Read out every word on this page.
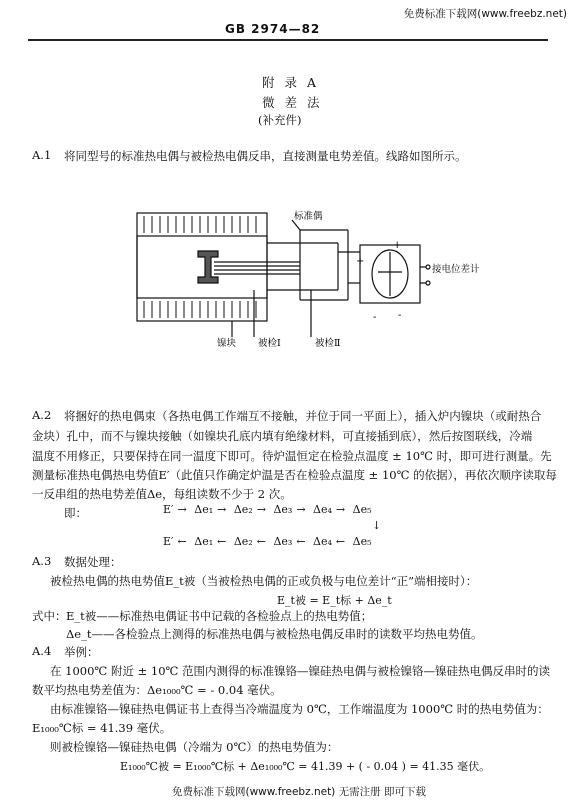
免费标准下载网(www.freebz.net)
GB 2974—82
附 录 A
微 差 法
(补充件)
A.1 将同型号的标准热电偶与被检热电偶反串，直接测量电势差值。线路如图所示。
标准偶
镍块 被检Ⅰ	被检Ⅱ
接电位差计
+
- -
+
A.2 将捆好的热电偶束（各热电偶工作端互不接触，并位于同一平面上），插入炉内镍块（或耐热合
金块）孔中，而不与镍块接触（如镍块孔底内填有绝缘材料，可直接插到底），然后按图联线，冷端
温度不用修正，只要保持在同一温度下即可。待炉温恒定在检验点温度 ± 10℃ 时，即可进行测量。先
测量标准热电偶热电势值E′（此值只作确定炉温是否在检验点温度 ± 10℃ 的依据），再依次顺序读取每
一反串组的热电势差值Δe，每组读数不少于 2 次。
即：	E′ → Δe₁ → Δe₂ → Δe₃ → Δe₄ → Δe₅
↓
E′ ← Δe₁ ← Δe₂ ← Δe₃ ← Δe₄ ← Δe₅
A.3 数据处理：
被检热电偶的热电势值E_t被（当被检热电偶的正或负极与电位差计“正”端相接时）：
E_t被 = E_t标 + Δe_t
式中： E_t被——标准热电偶证书中记载的各检验点上的热电势值；
Δe_t——各检验点上测得的标准热电偶与被检热电偶反串时的读数平均热电势值。
A.4 举例：
在 1000℃ 附近 ± 10℃ 范围内测得的标准镍铬—镍硅热电偶与被检镍铬—镍硅热电偶反串时的读
数平均热电势差值为：Δe₁₀₀₀℃ = - 0.04 毫伏。
由标准镍铬—镍硅热电偶证书上查得当冷端温度为 0℃，工作端温度为 1000℃ 时的热电势值为：
E₁₀₀₀℃标 = 41.39 毫伏。
则被检镍铬—镍硅热电偶（冷端为 0℃）的热电势值为：
E₁₀₀₀℃被 = E₁₀₀₀℃标 + Δe₁₀₀₀℃ = 41.39 + ( - 0.04 ) = 41.35 毫伏。
免费标准下载网(www.freebz.net) 无需注册 即可下载
